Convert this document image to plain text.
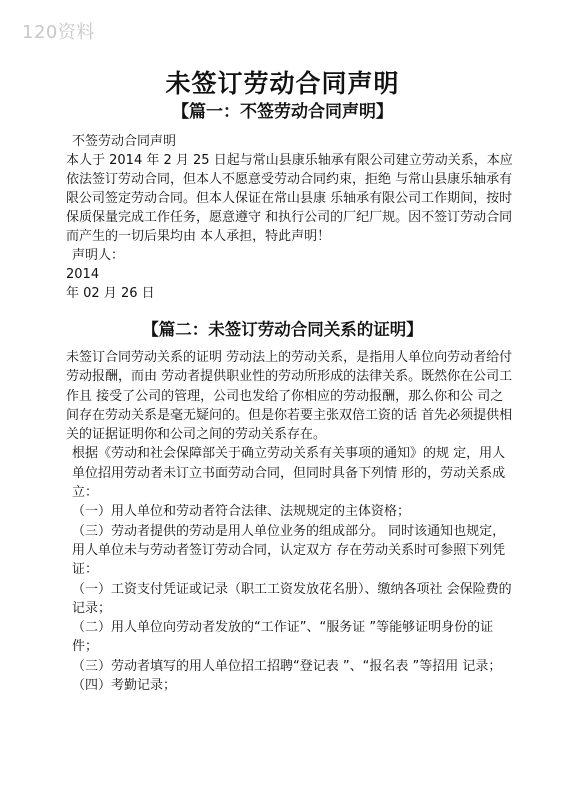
120资料
未签订劳动合同声明
【篇一：不签劳动合同声明】

不签劳动合同声明

本人于 2014 年 2 月 25 日起与常山县康乐轴承有限公司建立劳动关系，本应依法签订劳动合同，但本人不愿意受劳动合同约束，拒绝 与常山县康乐轴承有限公司签定劳动合同。但本人保证在常山县康 乐轴承有限公司工作期间，按时保质保量完成工作任务，愿意遵守 和执行公司的厂纪厂规。因不签订劳动合同而产生的一切后果均由 本人承担，特此声明！

声明人：

2014

年 02 月 26 日

【篇二：未签订劳动合同关系的证明】

未签订合同劳动关系的证明 劳动法上的劳动关系，是指用人单位向劳动者给付劳动报酬，而由 劳动者提供职业性的劳动所形成的法律关系。既然你在公司工作且 接受了公司的管理，公司也发给了你相应的劳动报酬，那么你和公 司之间存在劳动关系是毫无疑问的。但是你若要主张双倍工资的话 首先必须提供相关的证据证明你和公司之间的劳动关系存在。

根据《劳动和社会保障部关于确立劳动关系有关事项的通知》的规 定，用人单位招用劳动者未订立书面劳动合同，但同时具备下列情 形的，劳动关系成立：

（一）用人单位和劳动者符合法律、法规规定的主体资格；

（三）劳动者提供的劳动是用人单位业务的组成部分。 同时该通知也规定，用人单位未与劳动者签订劳动合同，认定双方 存在劳动关系时可参照下列凭证：

（一）工资支付凭证或记录（职工工资发放花名册）、缴纳各项社 会保险费的记录；

（二）用人单位向劳动者发放的“工作证”、“服务证 ”等能够证明身份的证件；

（三）劳动者填写的用人单位招工招聘“登记表 ”、“报名表 ”等招用 记录；

（四）考勤记录；
